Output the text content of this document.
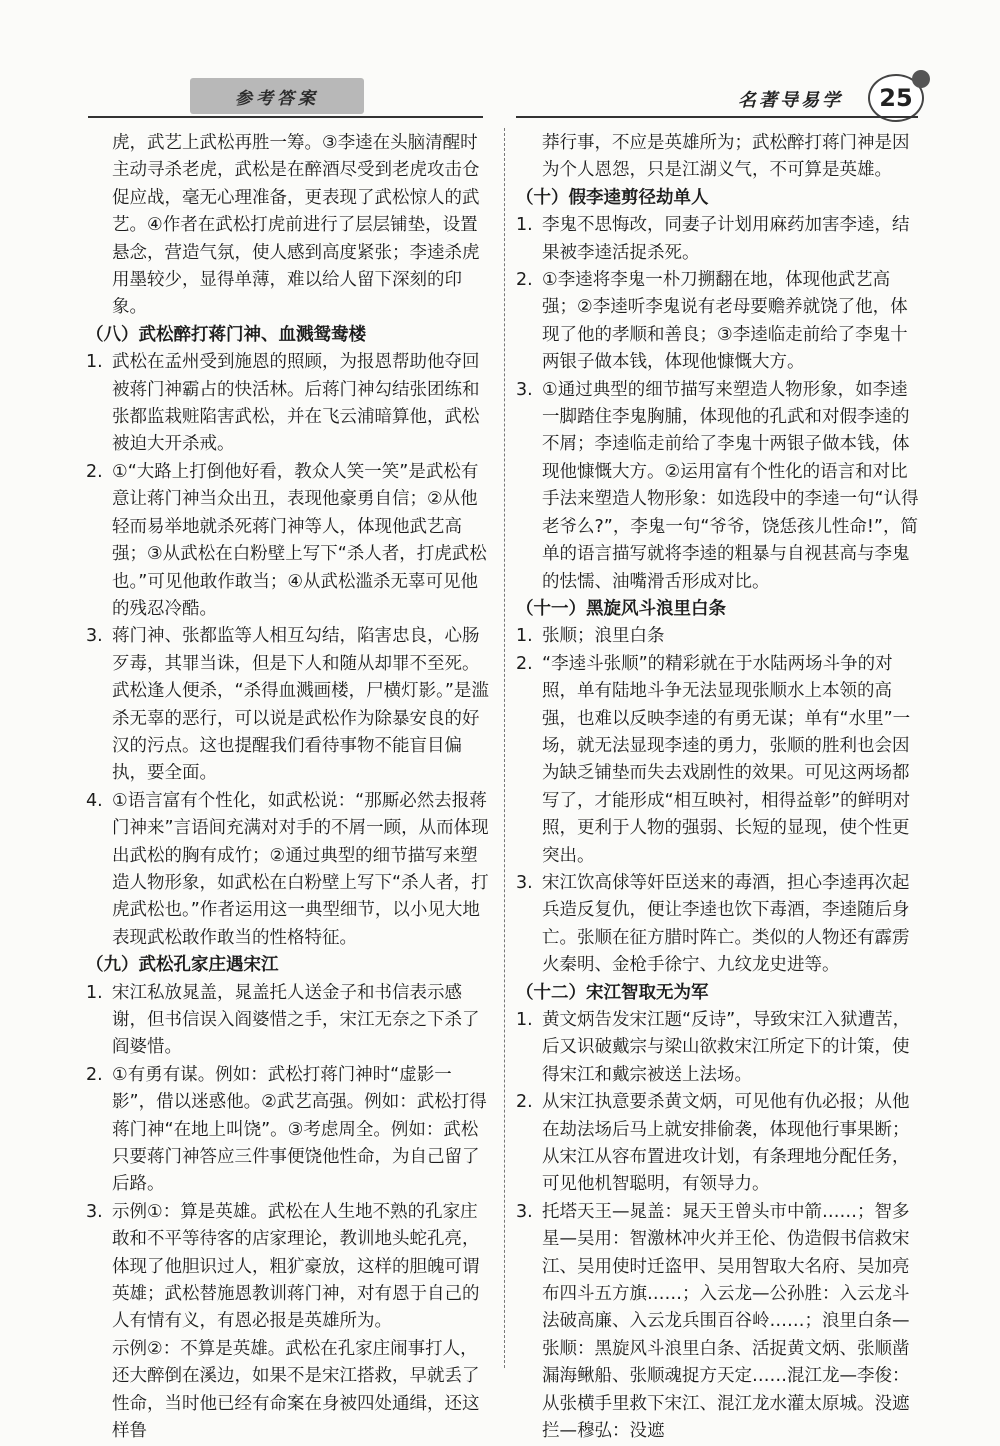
参考答案	名著导易学 25

虎，武艺上武松再胜一筹。③李逵在头脑清醒时主动寻杀老虎，武松是在醉酒尽受到老虎攻击仓促应战，毫无心理准备，更表现了武松惊人的武艺。④作者在武松打虎前进行了层层铺垫，设置悬念，营造气氛，使人感到高度紧张；李逵杀虎用墨较少，显得单薄，难以给人留下深刻的印象。

（八）武松醉打蒋门神、血溅鸳鸯楼

1. 武松在孟州受到施恩的照顾，为报恩帮助他夺回被蒋门神霸占的快活林。后蒋门神勾结张团练和张都监栽赃陷害武松，并在飞云浦暗算他，武松被迫大开杀戒。
2. ①“大路上打倒他好看，教众人笑一笑”是武松有意让蒋门神当众出丑，表现他豪勇自信；②从他轻而易举地就杀死蒋门神等人，体现他武艺高强；③从武松在白粉壁上写下“杀人者，打虎武松也。”可见他敢作敢当；④从武松滥杀无辜可见他的残忍冷酷。
3. 蒋门神、张都监等人相互勾结，陷害忠良，心肠歹毒，其罪当诛，但是下人和随从却罪不至死。武松逢人便杀，“杀得血溅画楼，尸横灯影。”是滥杀无辜的恶行，可以说是武松作为除暴安良的好汉的污点。这也提醒我们看待事物不能盲目偏执，要全面。
4. ①语言富有个性化，如武松说：“那厮必然去报蒋门神来”言语间充满对对手的不屑一顾，从而体现出武松的胸有成竹；②通过典型的细节描写来塑造人物形象，如武松在白粉壁上写下“杀人者，打虎武松也。”作者运用这一典型细节，以小见大地表现武松敢作敢当的性格特征。

（九）武松孔家庄遇宋江

1. 宋江私放晁盖，晁盖托人送金子和书信表示感谢，但书信误入阎婆惜之手，宋江无奈之下杀了阎婆惜。
2. ①有勇有谋。例如：武松打蒋门神时“虚影一影”，借以迷惑他。②武艺高强。例如：武松打得蒋门神“在地上叫饶”。③考虑周全。例如：武松只要蒋门神答应三件事便饶他性命，为自己留了后路。
3. 示例①：算是英雄。武松在人生地不熟的孔家庄敢和不平等待客的店家理论，教训地头蛇孔亮，体现了他胆识过人，粗犷豪放，这样的胆魄可谓英雄；武松替施恩教训蒋门神，对有恩于自己的人有情有义，有恩必报是英雄所为。

示例②：不算是英雄。武松在孔家庄闹事打人，还大醉倒在溪边，如果不是宋江搭救，早就丢了性命，当时他已经有命案在身被四处通缉，还这样鲁

莽行事，不应是英雄所为；武松醉打蒋门神是因为个人恩怨，只是江湖义气，不可算是英雄。

（十）假李逵剪径劫单人

1. 李鬼不思悔改，同妻子计划用麻药加害李逵，结果被李逵活捉杀死。
2. ①李逵将李鬼一朴刀搠翻在地，体现他武艺高强；②李逵听李鬼说有老母要赡养就饶了他，体现了他的孝顺和善良；③李逵临走前给了李鬼十两银子做本钱，体现他慷慨大方。
3. ①通过典型的细节描写来塑造人物形象，如李逵一脚踏住李鬼胸脯，体现他的孔武和对假李逵的不屑；李逵临走前给了李鬼十两银子做本钱，体现他慷慨大方。②运用富有个性化的语言和对比手法来塑造人物形象：如选段中的李逵一句“认得老爷么?”，李鬼一句“爷爷，饶恁孩儿性命!”，简单的语言描写就将李逵的粗暴与自视甚高与李鬼的怯懦、油嘴滑舌形成对比。

（十一）黑旋风斗浪里白条

1. 张顺；浪里白条
2. “李逵斗张顺”的精彩就在于水陆两场斗争的对照，单有陆地斗争无法显现张顺水上本领的高强，也难以反映李逵的有勇无谋；单有“水里”一场，就无法显现李逵的勇力，张顺的胜利也会因为缺乏铺垫而失去戏剧性的效果。可见这两场都写了，才能形成“相互映衬，相得益彰”的鲜明对照，更利于人物的强弱、长短的显现，使个性更突出。
3. 宋江饮高俅等奸臣送来的毒酒，担心李逵再次起兵造反复仇，便让李逵也饮下毒酒，李逵随后身亡。张顺在征方腊时阵亡。类似的人物还有霹雳火秦明、金枪手徐宁、九纹龙史进等。

（十二）宋江智取无为军

1. 黄文炳告发宋江题“反诗”，导致宋江入狱遭苦，后又识破戴宗与梁山欲救宋江所定下的计策，使得宋江和戴宗被送上法场。
2. 从宋江执意要杀黄文炳，可见他有仇必报；从他在劫法场后马上就安排偷袭，体现他行事果断；从宋江从容布置进攻计划，有条理地分配任务，可见他机智聪明，有领导力。
3. 托塔天王—晁盖：晁天王曾头市中箭……；智多星—吴用：智激林冲火并王伦、伪造假书信救宋江、吴用使时迁盗甲、吴用智取大名府、吴加亮布四斗五方旗……；入云龙—公孙胜：入云龙斗法破高廉、入云龙兵围百谷岭……；浪里白条—张顺：黑旋风斗浪里白条、活捉黄文炳、张顺凿漏海鳅船、张顺魂捉方天定……混江龙—李俊：从张横手里救下宋江、混江龙水灌太原城。没遮拦—穆弘：没遮
